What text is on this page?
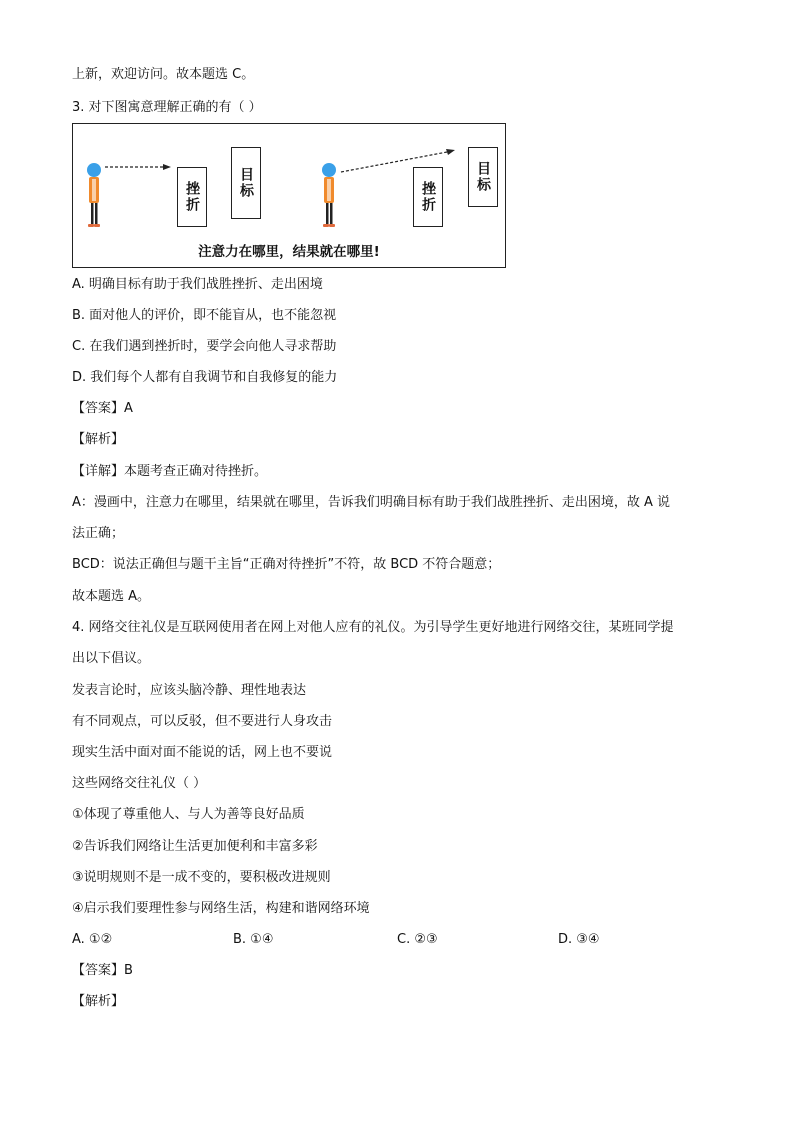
上新，欢迎访问。故本题选 C。
3. 对下图寓意理解正确的有（ ）
挫折	目标	挫折
目标
注意力在哪里，结果就在哪里!
A. 明确目标有助于我们战胜挫折、走出困境
B. 面对他人的评价，即不能盲从，也不能忽视
C. 在我们遇到挫折时，要学会向他人寻求帮助
D. 我们每个人都有自我调节和自我修复的能力
【答案】A
【解析】
【详解】本题考查正确对待挫折。
A：漫画中，注意力在哪里，结果就在哪里，告诉我们明确目标有助于我们战胜挫折、走出困境，故 A 说
法正确；
BCD：说法正确但与题干主旨“正确对待挫折”不符，故 BCD 不符合题意；
故本题选 A。
4. 网络交往礼仪是互联网使用者在网上对他人应有的礼仪。为引导学生更好地进行网络交往，某班同学提
出以下倡议。
发表言论时，应该头脑冷静、理性地表达
有不同观点，可以反驳，但不要进行人身攻击
现实生活中面对面不能说的话，网上也不要说
这些网络交往礼仪（ ）
①体现了尊重他人、与人为善等良好品质
②告诉我们网络让生活更加便利和丰富多彩
③说明规则不是一成不变的，要积极改进规则
④启示我们要理性参与网络生活，构建和谐网络环境
A. ①②	B. ①④	C. ②③	D. ③④
【答案】B
【解析】
